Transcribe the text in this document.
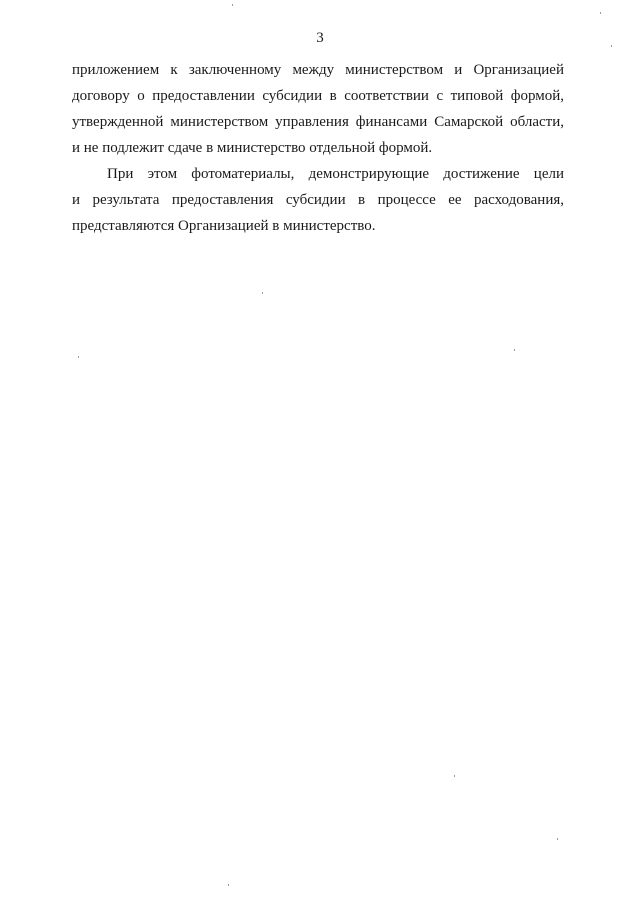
3

приложением к заключенному между министерством и Организацией
договору о предоставлении субсидии в соответствии с типовой формой,
утвержденной министерством управления финансами Самарской области,
и не подлежит сдаче в министерство отдельной формой.

При этом фотоматериалы, демонстрирующие достижение цели
и результата предоставления субсидии в процессе ее расходования,
представляются Организацией в министерство.
